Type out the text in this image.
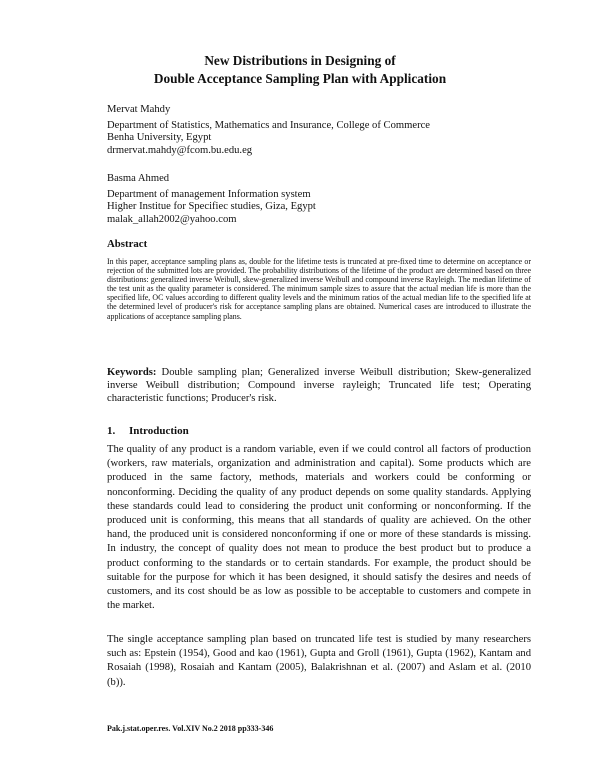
New Distributions in Designing of
Double Acceptance Sampling Plan with Application
Mervat Mahdy
Department of Statistics, Mathematics and Insurance, College of Commerce
Benha University, Egypt
drmervat.mahdy@fcom.bu.edu.eg
Basma Ahmed
Department of management Information system
Higher Institue for Specifiec studies, Giza, Egypt
malak_allah2002@yahoo.com
Abstract
In this paper, acceptance sampling plans as, double for the lifetime tests is truncated at pre-fixed time to determine on acceptance or rejection of the submitted lots are provided. The probability distributions of the lifetime of the product are determined based on three distributions: generalized inverse Weibull, skew-generalized inverse Weibull and compound inverse Rayleigh. The median lifetime of the test unit as the quality parameter is considered. The minimum sample sizes to assure that the actual median life is more than the specified life, OC values according to different quality levels and the minimum ratios of the actual median life to the specified life at the determined level of producer's risk for acceptance sampling plans are obtained. Numerical cases are introduced to illustrate the applications of acceptance sampling plans.
Keywords: Double sampling plan; Generalized inverse Weibull distribution; Skew-generalized inverse Weibull distribution; Compound inverse rayleigh; Truncated life test; Operating characteristic functions; Producer's risk.
1. Introduction
The quality of any product is a random variable, even if we could control all factors of production (workers, raw materials, organization and administration and capital). Some products which are produced in the same factory, methods, materials and workers could be conforming or nonconforming. Deciding the quality of any product depends on some quality standards. Applying these standards could lead to considering the product unit conforming or nonconforming. If the produced unit is conforming, this means that all standards of quality are achieved. On the other hand, the produced unit is considered nonconforming if one or more of these standards is missing. In industry, the concept of quality does not mean to produce the best product but to produce a product conforming to the standards or to certain standards. For example, the product should be suitable for the purpose for which it has been designed, it should satisfy the desires and needs of customers, and its cost should be as low as possible to be acceptable to customers and compete in the market.
The single acceptance sampling plan based on truncated life test is studied by many researchers such as: Epstein (1954), Good and kao (1961), Gupta and Groll (1961), Gupta (1962), Kantam and Rosaiah (1998), Rosaiah and Kantam (2005), Balakrishnan et al. (2007) and Aslam et al. (2010 (b)).
Pak.j.stat.oper.res. Vol.XIV No.2 2018 pp333-346
